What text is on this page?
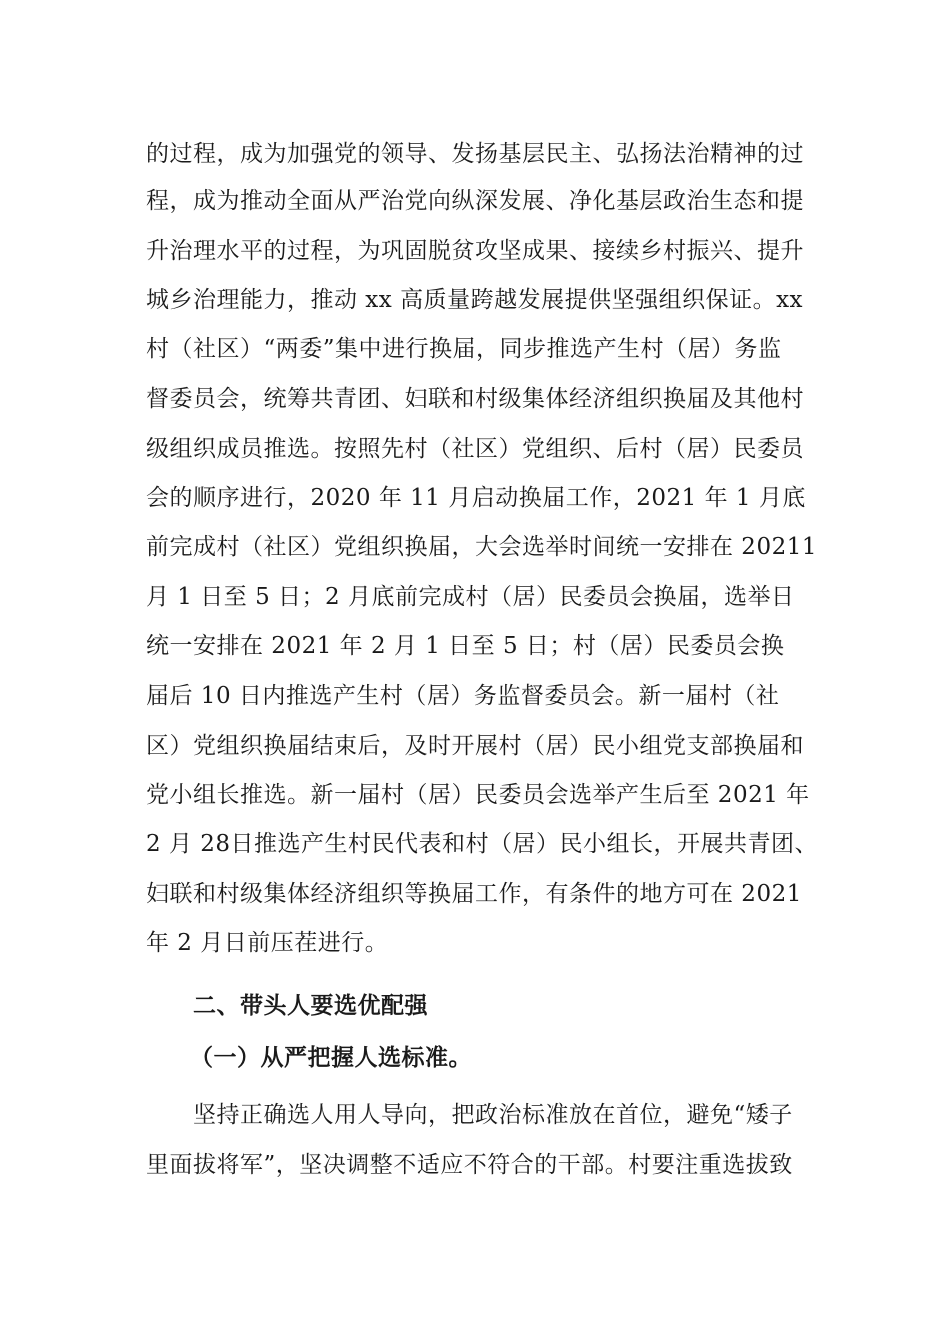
的过程，成为加强党的领导、发扬基层民主、弘扬法治精神的过
程，成为推动全面从严治党向纵深发展、净化基层政治生态和提
升治理水平的过程，为巩固脱贫攻坚成果、接续乡村振兴、提升
城乡治理能力，推动 xx 高质量跨越发展提供坚强组织保证。xx
村（社区）“两委”集中进行换届，同步推选产生村（居）务监
督委员会，统筹共青团、妇联和村级集体经济组织换届及其他村
级组织成员推选。按照先村（社区）党组织、后村（居）民委员
会的顺序进行，2020 年 11 月启动换届工作，2021 年 1 月底
前完成村（社区）党组织换届，大会选举时间统一安排在 20211
月 1 日至 5 日；2 月底前完成村（居）民委员会换届，选举日
统一安排在 2021 年 2 月 1 日至 5 日；村（居）民委员会换
届后 10 日内推选产生村（居）务监督委员会。新一届村（社
区）党组织换届结束后，及时开展村（居）民小组党支部换届和
党小组长推选。新一届村（居）民委员会选举产生后至 2021 年
2 月 28日推选产生村民代表和村（居）民小组长，开展共青团、
妇联和村级集体经济组织等换届工作，有条件的地方可在 2021
年 2 月日前压茬进行。
二、带头人要选优配强
（一）从严把握人选标准。
坚持正确选人用人导向，把政治标准放在首位，避免“矮子
里面拔将军”，坚决调整不适应不符合的干部。村要注重选拔致
